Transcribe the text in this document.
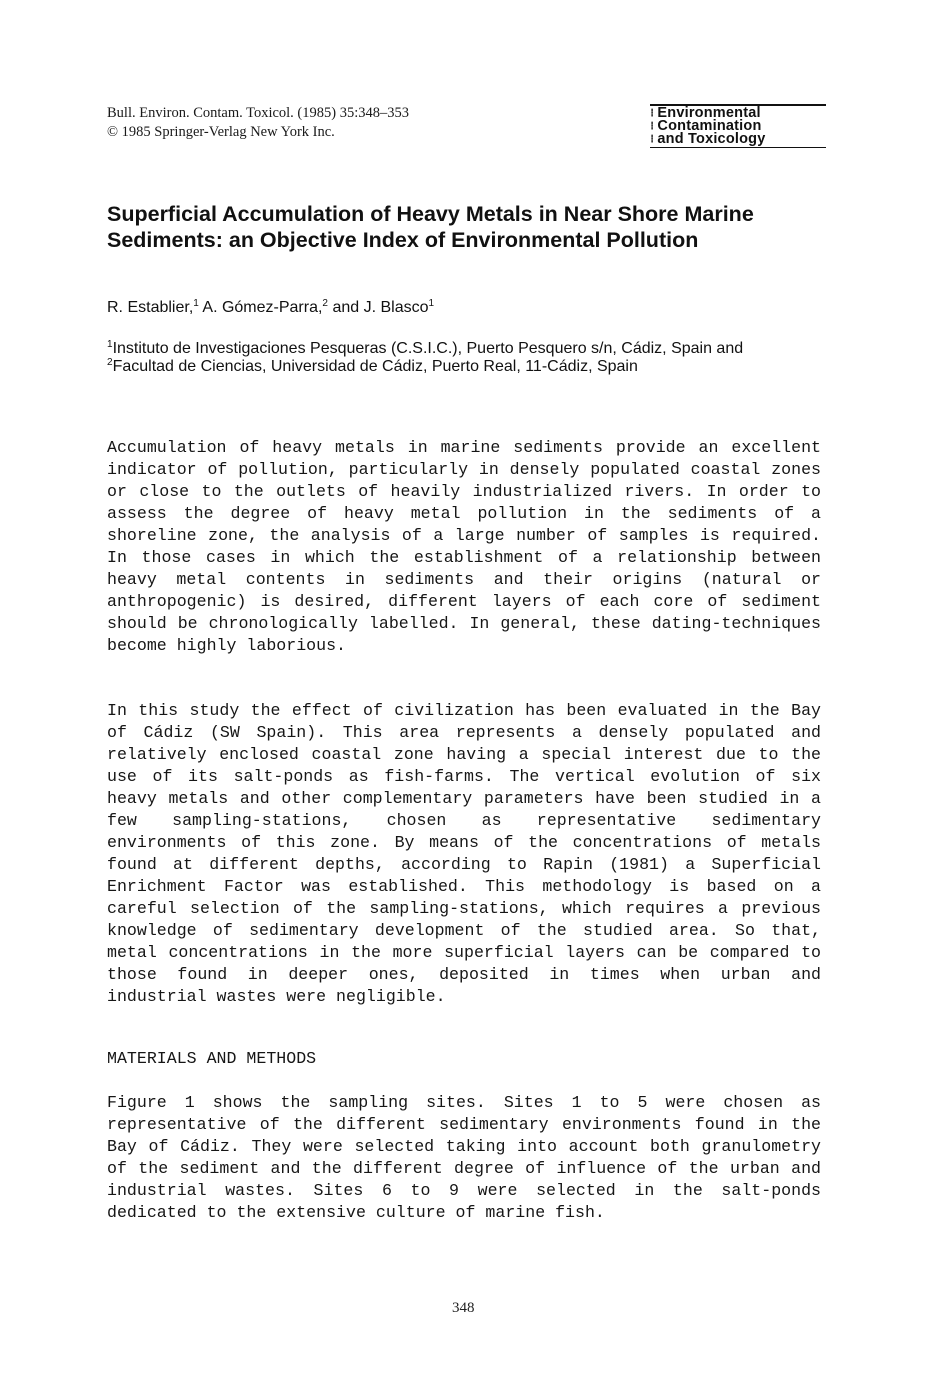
Bull. Environ. Contam. Toxicol. (1985) 35:348–353
© 1985 Springer-Verlag New York Inc.
┇ Environmental
┇ Contamination
┇ and Toxicology
Superficial Accumulation of Heavy Metals in Near Shore Marine Sediments: an Objective Index of Environmental Pollution
R. Establier,$^1$ A. Gómez-Parra,$^2$ and J. Blasco$^1$
$^1$Instituto de Investigaciones Pesqueras (C.S.I.C.), Puerto Pesquero s/n, Cádiz, Spain and $^2$Facultad de Ciencias, Universidad de Cádiz, Puerto Real, 11-Cádiz, Spain

Accumulation of heavy metals in marine sediments provide an excellent indicator of pollution, particularly in densely populated coastal zones or close to the outlets of heavily industrialized rivers. In order to assess the degree of heavy metal pollution in the sediments of a shoreline zone, the analysis of a large number of samples is required. In those cases in which the establishment of a relationship between heavy metal contents in sediments and their origins (natural or anthropogenic) is desired, different layers of each core of sediment should be chronologically labelled. In general, these dating-techniques become highly laborious.

In this study the effect of civilization has been evaluated in the Bay of Cádiz (SW Spain). This area represents a densely populated and relatively enclosed coastal zone having a special interest due to the use of its salt-ponds as fish-farms. The vertical evolution of six heavy metals and other complementary parameters have been studied in a few sampling-stations, chosen as representative sedimentary environments of this zone. By means of the concentrations of metals found at different depths, according to Rapin (1981) a Superficial Enrichment Factor was established. This methodology is based on a careful selection of the sampling-stations, which requires a previous knowledge of sedimentary development of the studied area. So that, metal concentrations in the more superficial layers can be compared to those found in deeper ones, deposited in times when urban and industrial wastes were negligible.

MATERIALS AND METHODS

Figure 1 shows the sampling sites. Sites 1 to 5 were chosen as representative of the different sedimentary environments found in the Bay of Cádiz. They were selected taking into account both granulometry of the sediment and the different degree of influence of the urban and industrial wastes. Sites 6 to 9 were selected in the salt-ponds dedicated to the extensive culture of marine fish.

348
